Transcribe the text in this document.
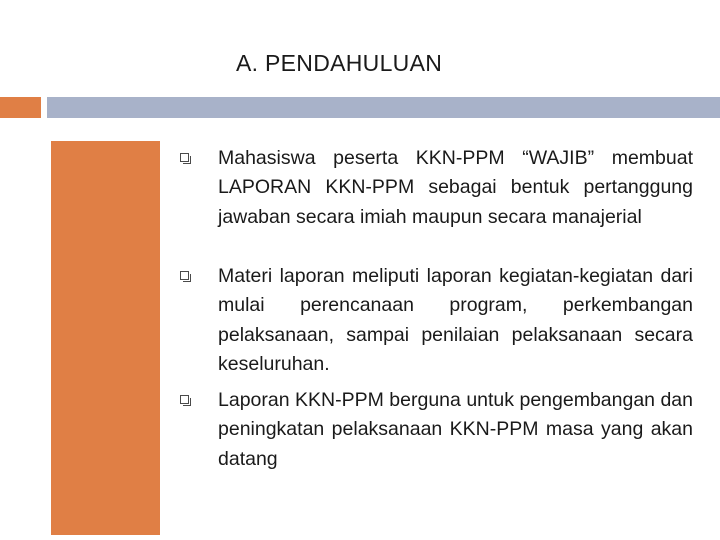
A. PENDAHULUAN
Mahasiswa peserta KKN-PPM “WAJIB” membuat LAPORAN KKN-PPM sebagai bentuk pertanggung jawaban secara imiah maupun secara manajerial
Materi laporan meliputi laporan kegiatan-kegiatan dari mulai perencanaan program, perkembangan pelaksanaan, sampai penilaian pelaksanaan secara keseluruhan.
Laporan KKN-PPM berguna untuk pengembangan dan peningkatan pelaksanaan KKN-PPM masa yang akan datang
